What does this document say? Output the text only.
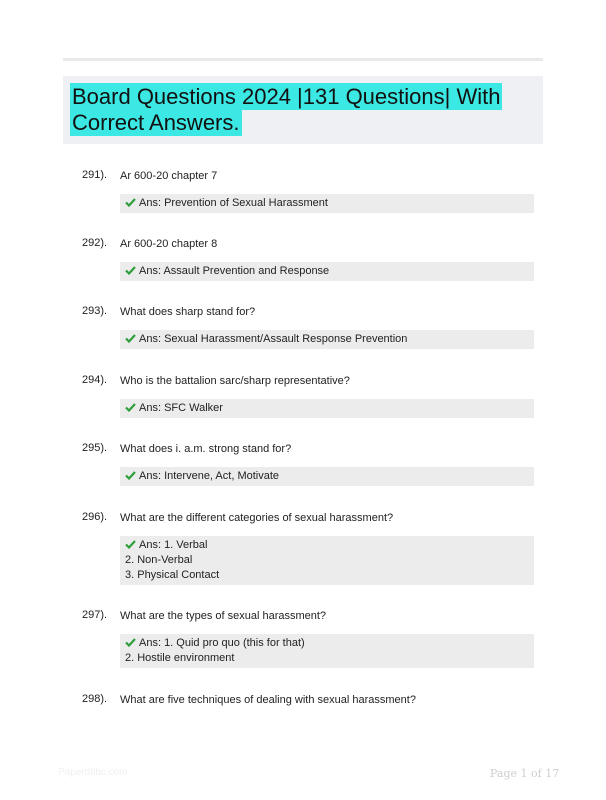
Board Questions 2024 |131 Questions| With Correct Answers.
291). Ar 600-20 chapter 7
Ans: Prevention of Sexual Harassment
292). Ar 600-20 chapter 8
Ans: Assault Prevention and Response
293). What does sharp stand for?
Ans: Sexual Harassment/Assault Response Prevention
294). Who is the battalion sarc/sharp representative?
Ans: SFC Walker
295). What does i. a.m. strong stand for?
Ans: Intervene, Act, Motivate
296). What are the different categories of sexual harassment?
Ans: 1. Verbal
2. Non-Verbal
3. Physical Contact
297). What are the types of sexual harassment?
Ans: 1. Quid pro quo (this for that)
2. Hostile environment
298). What are five techniques of dealing with sexual harassment?
Paperdtlbc.com	Page 1 of 17
